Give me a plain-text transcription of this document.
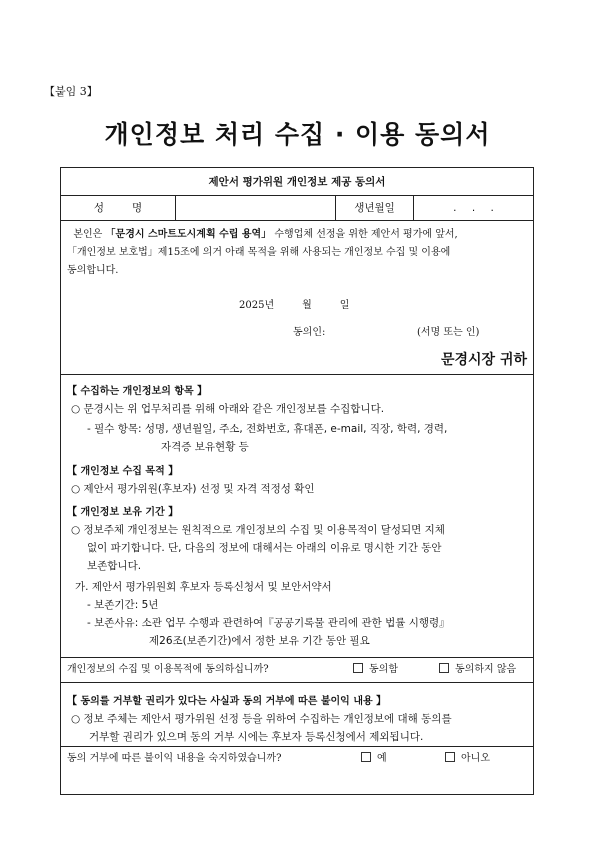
【붙임 3】
개인정보 처리 수집 · 이용 동의서
제안서 평가위원 개인정보 제공 동의서
성명	생년월일	. . .

본인은 「문경시 스마트도시계획 수립 용역」 수행업체 선정을 위한 제안서 평가에 앞서,

「개인정보 보호법」제15조에 의거 아래 목적을 위해 사용되는 개인정보 수집 및 이용에

동의합니다.

2025년	월	일
동의인:	(서명 또는 인)
문경시장 귀하
【 수집하는 개인정보의 항목 】
○ 문경시는 위 업무처리를 위해 아래와 같은 개인정보를 수집합니다.
- 필수 항목: 성명, 생년월일, 주소, 전화번호, 휴대폰, e-mail, 직장, 학력, 경력,
자격증 보유현황 등
【 개인정보 수집 목적 】
○ 제안서 평가위원(후보자) 선정 및 자격 적정성 확인
【 개인정보 보유 기간 】
○ 정보주체 개인정보는 원칙적으로 개인정보의 수집 및 이용목적이 달성되면 지체
없이 파기합니다. 단, 다음의 정보에 대해서는 아래의 이유로 명시한 기간 동안
보존합니다.
가. 제안서 평가위원회 후보자 등록신청서 및 보안서약서
- 보존기간: 5년
- 보존사유: 소관 업무 수행과 관련하여『공공기록물 관리에 관한 법률 시행령』
제26조(보존기간)에서 정한 보유 기간 동안 필요
개인정보의 수집 및 이용목적에 동의하십니까?	동의함	동의하지 않음
【 동의를 거부할 권리가 있다는 사실과 동의 거부에 따른 불이익 내용 】
○ 정보 주체는 제안서 평가위원 선정 등을 위하여 수집하는 개인정보에 대해 동의를
거부할 권리가 있으며 동의 거부 시에는 후보자 등록신청에서 제외됩니다.
동의 거부에 따른 불이익 내용을 숙지하였습니까?	예	아니오
